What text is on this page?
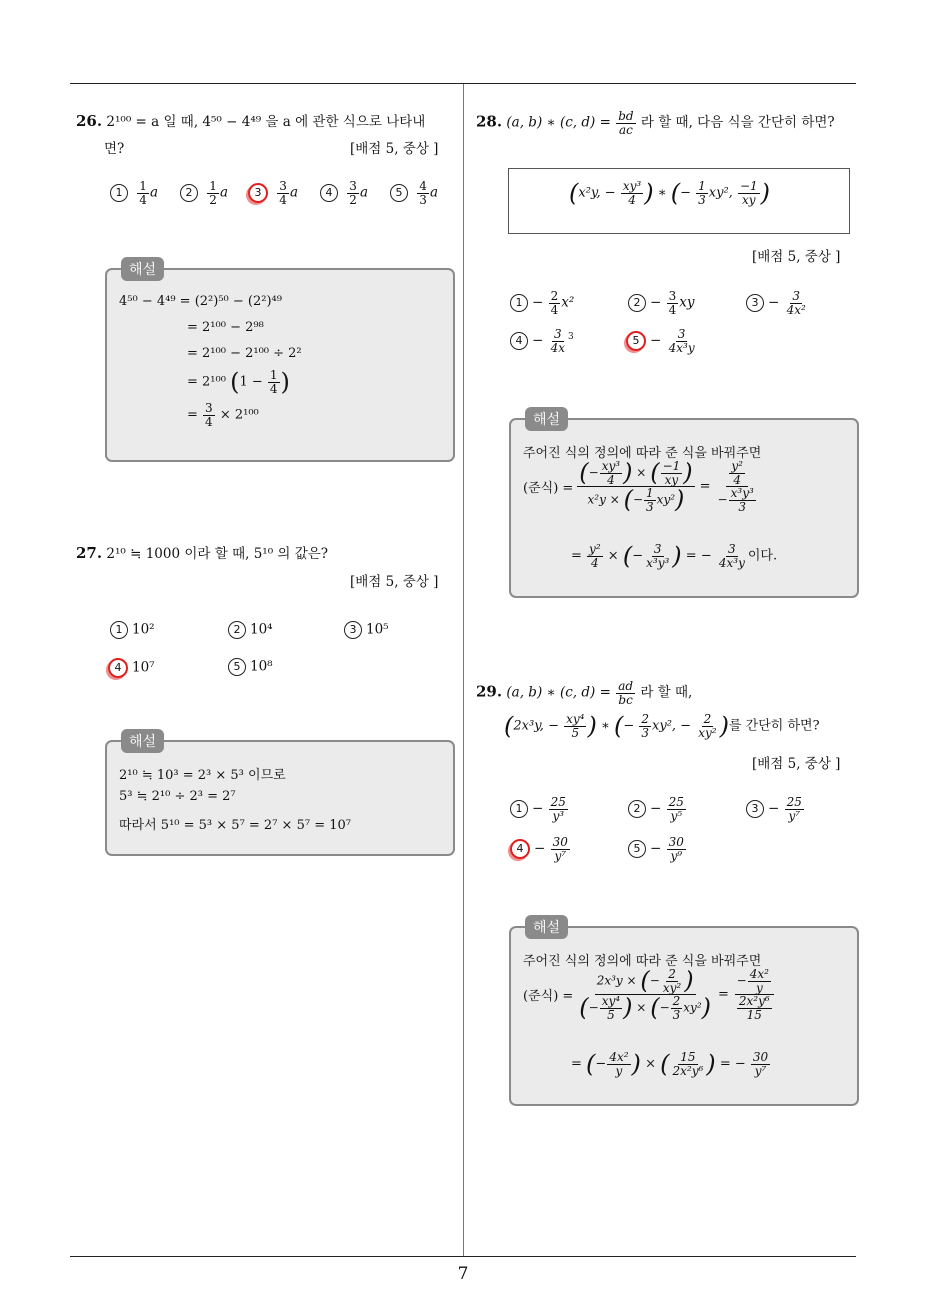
7
26. 2¹⁰⁰ = a 일 때, 4⁵⁰ − 4⁴⁹ 을 a 에 관한 식으로 나타내
면?	[배점 5, 중상 ]
$1 \frac{1}{4}$ a	$2 \frac{1}{2}$ a	$3 \frac{3}{4}$ a	$4 \frac{3}{2}$ a	$5 \frac{4}{3}$ a
해설
4⁵⁰ − 4⁴⁹ = (2²)⁵⁰ − (2²)⁴⁹
= 2¹⁰⁰ − 2⁹⁸
= 2¹⁰⁰ − 2¹⁰⁰ ÷ 2²
= 2¹⁰⁰ ($1 - \frac{1}{4}$ )
= $\frac{3}{4} \times 2^{100}$
27. 2¹⁰ ≒ 1000 이라 할 때, 5¹⁰ 의 값은?
[배점 5, 중상 ]
1 10²	2 10⁴	3 10⁵
4 10⁷	5 10⁸
해설
2¹⁰ ≒ 10³ = 2³ × 5³ 이므로
5³ ≒ 2¹⁰ ÷ 2³ = 2⁷
따라서 5¹⁰ = 5³ × 5⁷ = 2⁷ × 5⁷ = 10⁷
28. (a, b) ∗ (c, $d) = \frac{bd}{ac}$ 라 할 때, 다음 식을 간단히 하면?
(x²y, − $\frac{\text{xy³}}{4}$ ) ∗ (− $\frac{1}{3} xy^2$, $\frac{-1}{xy}$ )
[배점 5, 중상 ]
$1 - \frac{2}{4} x^2$	$2 - \frac{3}{4}$ xy	$3 - \frac{3}{\text{4x²}}$
$4 - \frac{3}{4x} ^3$	$5 - \frac{3}{\text{4x³y}}$
해설
주어진 식의 정의에 따라 준 식을 바꿔주면
(준식) = $\frac{(- \frac{\text{xy³}}{4} ) \times ( \frac{-1}{xy} )}{x^2y \times (- \frac{1}{3} xy^2)} = \frac{\frac{\text{y²}}{4}}{- \frac{\text{x³y³}}{3}}$
= $\frac{\text{y²}}{4}$ × (− $\frac{3}{\text{x³y³}}$ ) = − $\frac{3}{\text{4x³y}}$ 이다.
29. (a, b) ∗ (c, $d) = \frac{ad}{bc}$ 라 할 때,
(2x³y, − $\frac{\text{xy⁴}}{5}$ ) ∗ (− $\frac{2}{3} xy^2$, − $\frac{2}{\text{xy²}}$ )를 간단히 하면?
[배점 5, 중상 ]
$1 - \frac{25}{\text{y³}}$	$2 - \frac{25}{\text{y⁵}}$	$3 - \frac{25}{\text{y⁷}}$
$4 - \frac{30}{\text{y⁷}}$	$5 - \frac{30}{\text{y⁹}}$
해설
주어진 식의 정의에 따라 준 식을 바꿔주면
(준식) = $\frac{2x^3y \times (- \frac{2}{\text{xy²}} )}{(- \frac{\text{xy⁴}}{5} ) \times (- \frac{2}{3} xy^2)} = \frac{- \frac{\text{4x²}}{y}}{\frac{\text{2x²y⁶}}{15}}$
= (− $\frac{\text{4x²}}{y}$ ) × ( $\frac{15}{\text{2x²y⁶}}$ ) = − $\frac{30}{\text{y⁷}}$
